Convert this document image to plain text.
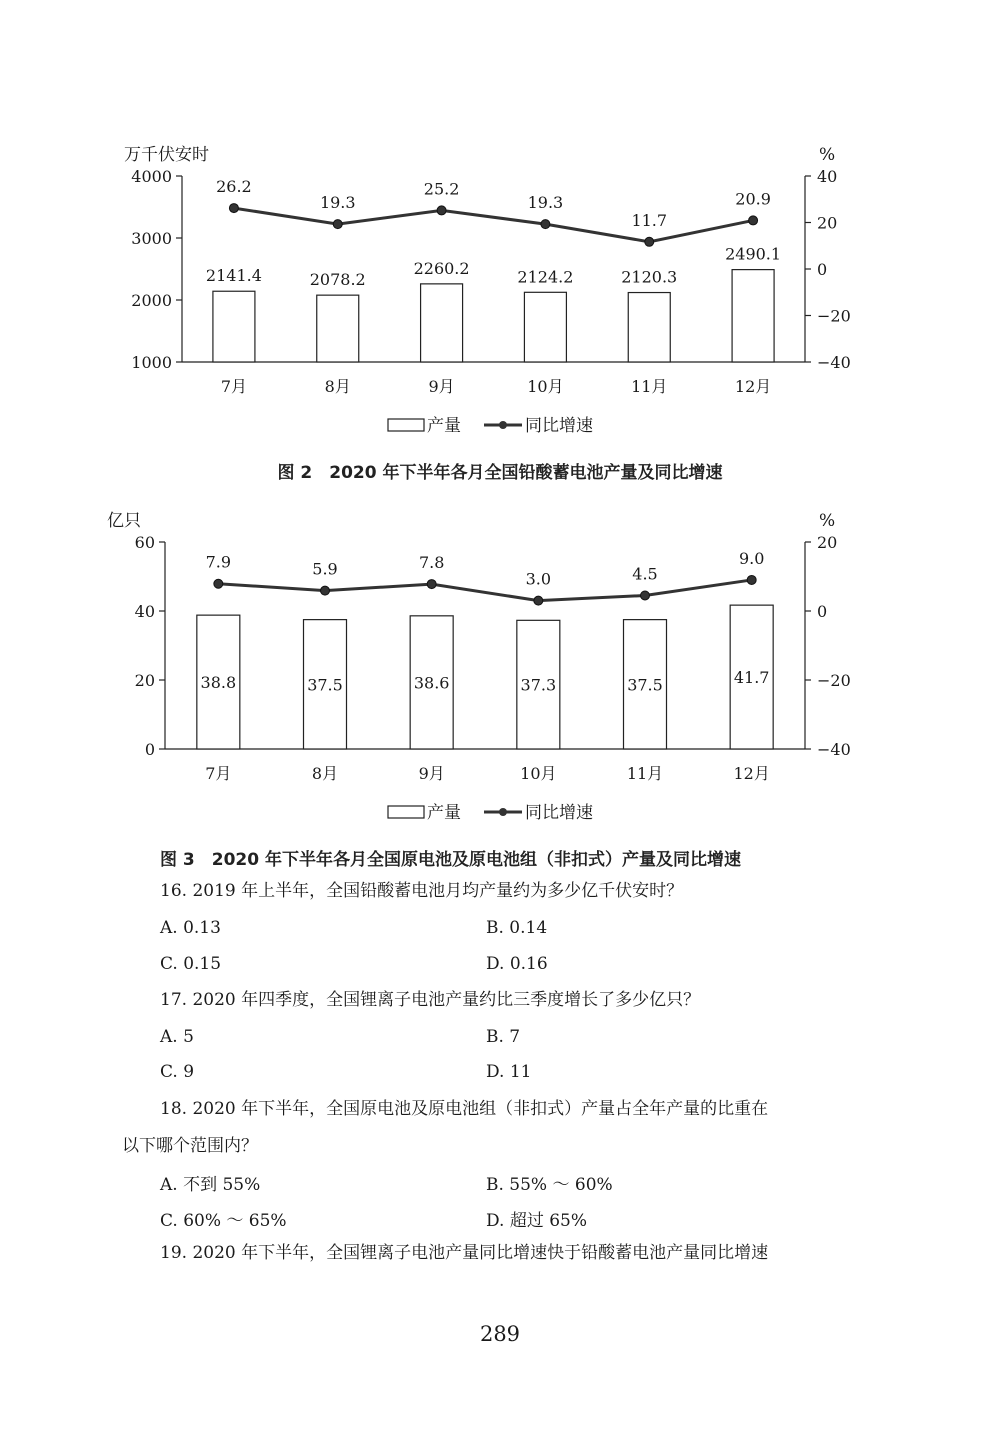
万千伏安时	%
1000
2000
3000
4000
−40
−20
0
20
40
2141.4	2078.2
2260.2	2124.2	2120.3
2490.1
26.2
19.3
25.2
19.3
11.7
20.9
7月	8月	9月	10月	11月	12月
产量	同比增速
图 2　2020 年下半年各月全国铅酸蓄电池产量及同比增速
亿只	%
0
20
40
60
−40
−20
0
20
38.8	37.5	38.6	37.3	37.5	41.7
7.9	5.9	7.8
3.0	4.5
9.0
7月	8月	9月	10月	11月	12月
产量	同比增速
图 3　2020 年下半年各月全国原电池及原电池组（非扣式）产量及同比增速
16. 2019 年上半年，全国铅酸蓄电池月均产量约为多少亿千伏安时？
A. 0.13	B. 0.14
C. 0.15	D. 0.16
17. 2020 年四季度，全国锂离子电池产量约比三季度增长了多少亿只？
A. 5	B. 7
C. 9	D. 11
18. 2020 年下半年，全国原电池及原电池组（非扣式）产量占全年产量的比重在
以下哪个范围内？
A. 不到 55%	B. 55% ～ 60%
C. 60% ～ 65%	D. 超过 65%
19. 2020 年下半年，全国锂离子电池产量同比增速快于铅酸蓄电池产量同比增速
289
